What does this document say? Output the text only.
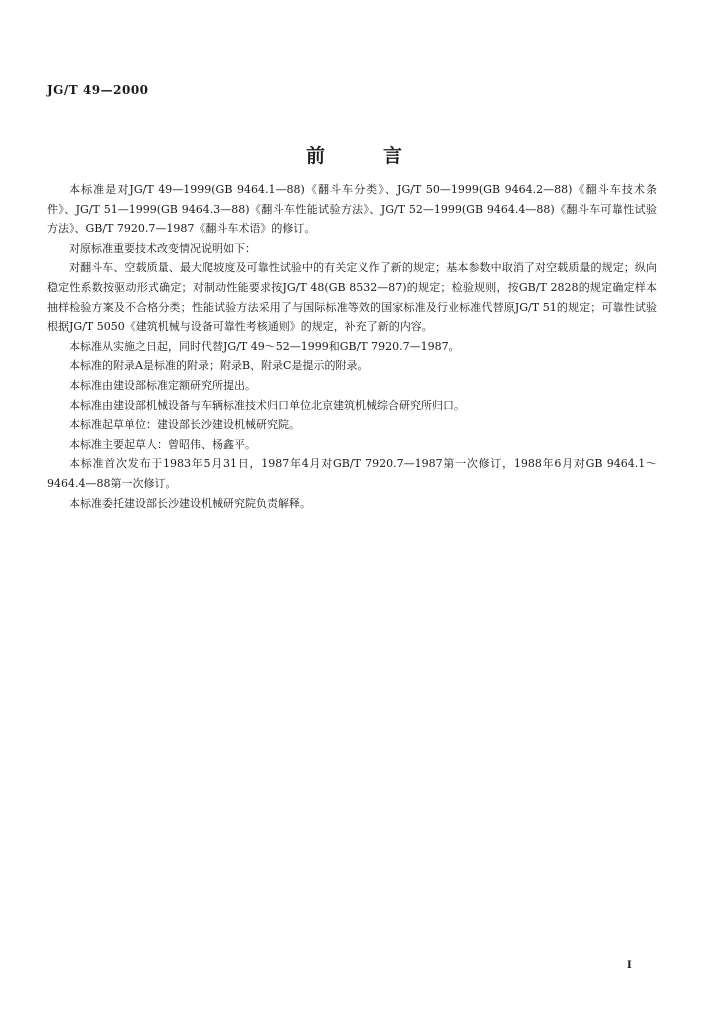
JG/T 49—2000
前	言

本标准是对JG/T 49—1999(GB 9464.1—88)《翻斗车分类》、JG/T 50—1999(GB 9464.2—88)《翻斗车技术条件》、JG/T 51—1999(GB 9464.3—88)《翻斗车性能试验方法》、JG/T 52—1999(GB 9464.4—88)《翻斗车可靠性试验方法》、GB/T 7920.7—1987《翻斗车术语》的修订。

对原标准重要技术改变情况说明如下：

对翻斗车、空载质量、最大爬坡度及可靠性试验中的有关定义作了新的规定；基本参数中取消了对空载质量的规定；纵向稳定性系数按驱动形式确定；对制动性能要求按JG/T 48(GB 8532—87)的规定；检验规则，按GB/T 2828的规定确定样本抽样检验方案及不合格分类；性能试验方法采用了与国际标准等效的国家标准及行业标准代替原JG/T 51的规定；可靠性试验根据JG/T 5050《建筑机械与设备可靠性考核通则》的规定，补充了新的内容。

本标准从实施之日起，同时代替JG/T 49～52—1999和GB/T 7920.7—1987。

本标准的附录A是标准的附录；附录B、附录C是提示的附录。

本标准由建设部标准定额研究所提出。

本标准由建设部机械设备与车辆标准技术归口单位北京建筑机械综合研究所归口。

本标准起草单位：建设部长沙建设机械研究院。

本标准主要起草人：曾昭伟、杨鑫平。

本标准首次发布于1983年5月31日，1987年4月对GB/T 7920.7—1987第一次修订，1988年6月对GB 9464.1～9464.4—88第一次修订。

本标准委托建设部长沙建设机械研究院负责解释。

I
